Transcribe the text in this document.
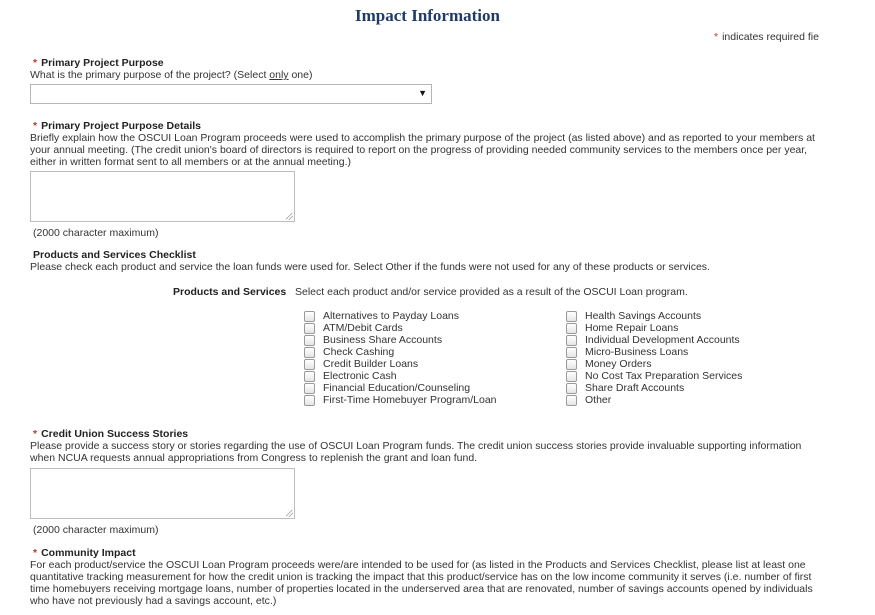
Impact Information
* indicates required fie
* Primary Project Purpose
What is the primary purpose of the project? (Select only one)
▼
* Primary Project Purpose Details
Briefly explain how the OSCUI Loan Program proceeds were used to accomplish the primary purpose of the project (as listed above) and as reported to your members at your annual meeting. (The credit union's board of directors is required to report on the progress of providing needed community services to the members once per year, either in written format sent to all members or at the annual meeting.)
(2000 character maximum)
Products and Services Checklist
Please check each product and service the loan funds were used for. Select Other if the funds were not used for any of these products or services.
Products and Services Select each product and/or service provided as a result of the OSCUI Loan program.
Alternatives to Payday Loans
ATM/Debit Cards
Business Share Accounts
Check Cashing
Credit Builder Loans
Electronic Cash
Financial Education/Counseling
First-Time Homebuyer Program/Loan
Health Savings Accounts
Home Repair Loans
Individual Development Accounts
Micro-Business Loans
Money Orders
No Cost Tax Preparation Services
Share Draft Accounts
Other
* Credit Union Success Stories
Please provide a success story or stories regarding the use of OSCUI Loan Program funds. The credit union success stories provide invaluable supporting information when NCUA requests annual appropriations from Congress to replenish the grant and loan fund.
(2000 character maximum)
* Community Impact
For each product/service the OSCUI Loan Program proceeds were/are intended to be used for (as listed in the Products and Services Checklist, please list at least one quantitative tracking measurement for how the credit union is tracking the impact that this product/service has on the low income community it serves (i.e. number of first time homebuyers receiving mortgage loans, number of properties located in the underserved area that are renovated, number of savings accounts opened by individuals who have not previously had a savings account, etc.)
